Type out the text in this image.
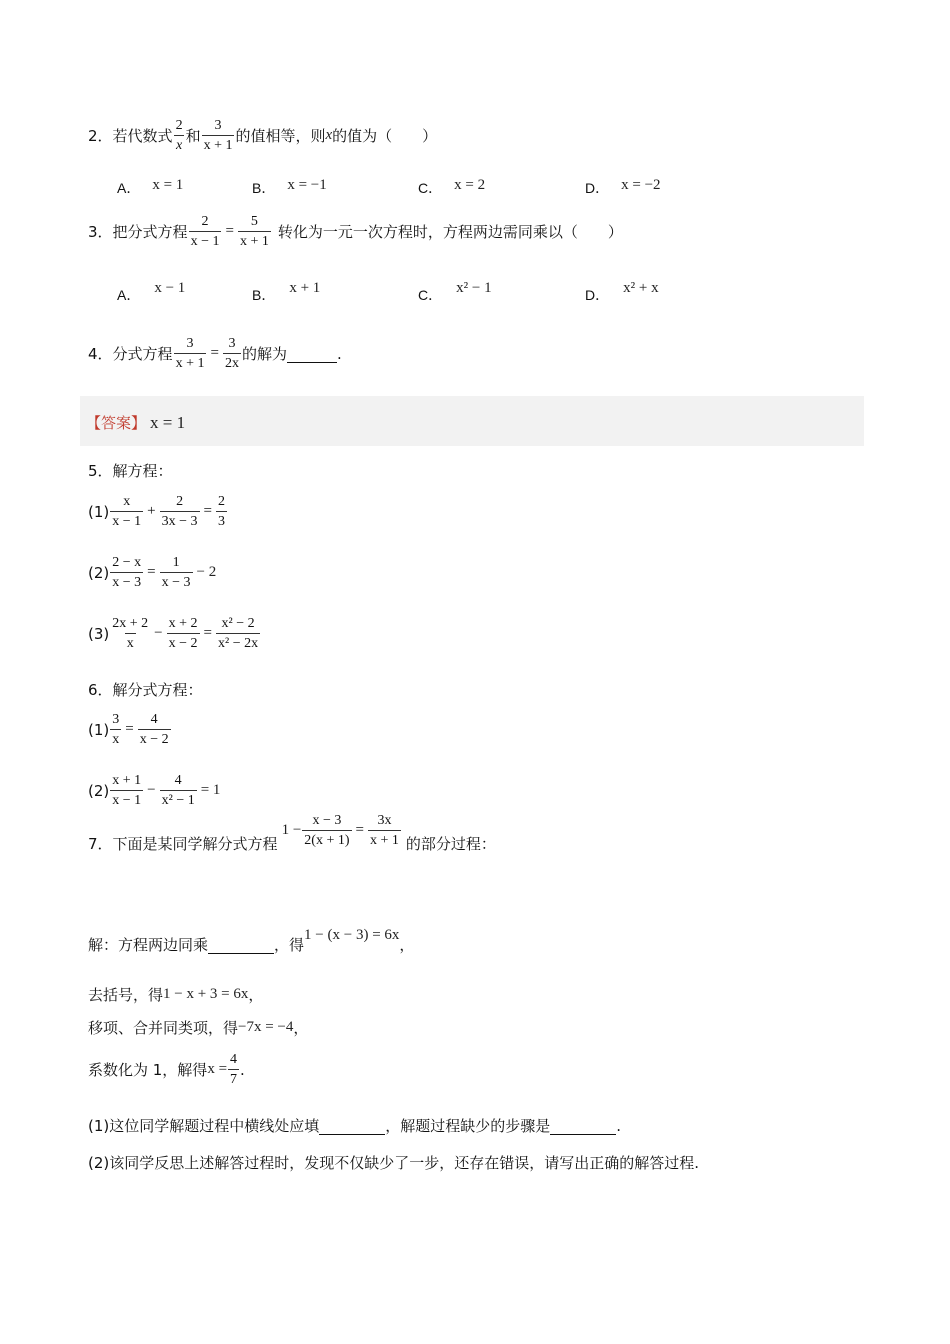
2． 若代数式 $\frac{2}{x}$ 和 $\frac{3}{x + 1}$ 的值相等，则 x 的值为（　　）
A． x = 1	B． x = −1	C． x = 2	D． x = −2
3． 把分式方程 $\frac{2}{x - 1} = \frac{5}{x + 1}$ 转化为一元一次方程时，方程两边需同乘以（　　）
A． x − 1	B． x + 1	C． x² − 1	D． x² + x
4． 分式方程 $\frac{3}{x + 1} = \frac{3}{2x}$ 的解为
	.
【答案】 x = 1
5． 解方程：
$(1) \frac{x}{x - 1} + \frac{2}{3x - 3} = \frac{2}{3}$
$(2) \frac{2 - x}{x - 3} = \frac{1}{x - 3} - 2$
$(3) \frac{2x + 2}{x} - \frac{x + 2}{x - 2} = \frac{\text{x² − 2}}{\text{x² − 2x}}$
6． 解分式方程：
$(1) \frac{3}{x} = \frac{4}{x - 2}$
$(2) \frac{x + 1}{x - 1} - \frac{4}{\text{x² − 1}} = 1$
7． 下面是某同学解分式方程
$1 - \frac{x - 3}{2(x + 1)} = \frac{3x}{x + 1}$ 的部分过程：
解：方程两边同乘
	，得
1 − (x − 3) = 6x
，
去括号，得 1 − x + 3 = 6x ，
移项、合并同类项，得 −7x = −4 ，
系数化为 1，解得 $x = \frac{4}{7}$ .
(1) 这位同学解题过程中横线处应填
	，解题过程缺少的步骤是
	.
(2) 该同学反思上述解答过程时，发现不仅缺少了一步，还存在错误，请写出正确的解答过程.
